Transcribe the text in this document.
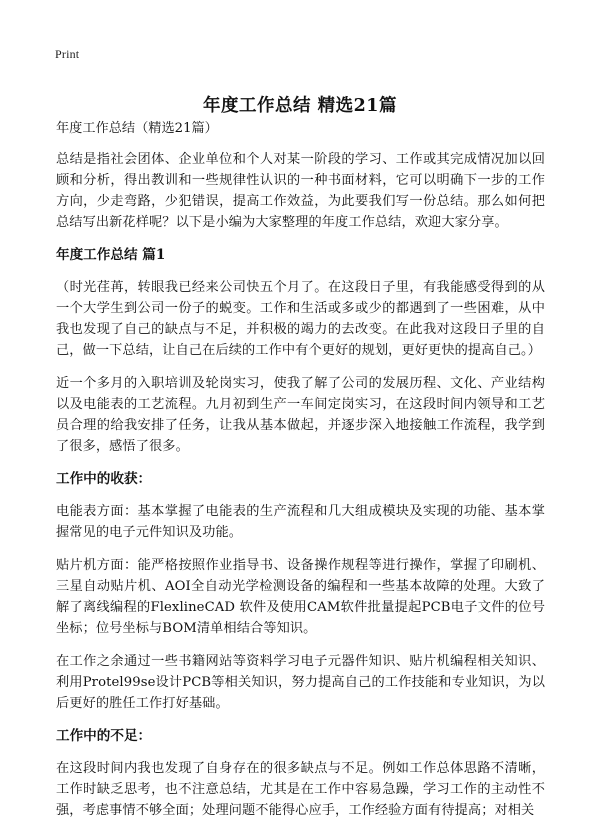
Print
年度工作总结 精选21篇

年度工作总结（精选21篇）

总结是指社会团体、企业单位和个人对某一阶段的学习、工作或其完成情况加以回顾和分析，得出教训和一些规律性认识的一种书面材料，它可以明确下一步的工作方向，少走弯路，少犯错误，提高工作效益，为此要我们写一份总结。那么如何把总结写出新花样呢？以下是小编为大家整理的年度工作总结，欢迎大家分享。

年度工作总结 篇1

（时光荏苒，转眼我已经来公司快五个月了。在这段日子里，有我能感受得到的从一个大学生到公司一份子的蜕变。工作和生活或多或少的都遇到了一些困难，从中我也发现了自己的缺点与不足，并积极的竭力的去改变。在此我对这段日子里的自己，做一下总结，让自己在后续的工作中有个更好的规划，更好更快的提高自己。）

近一个多月的入职培训及轮岗实习，使我了解了公司的发展历程、文化、产业结构以及电能表的工艺流程。九月初到生产一车间定岗实习，在这段时间内领导和工艺员合理的给我安排了任务，让我从基本做起，并逐步深入地接触工作流程，我学到了很多，感悟了很多。

工作中的收获：

电能表方面：基本掌握了电能表的生产流程和几大组成模块及实现的功能、基本掌握常见的电子元件知识及功能。

贴片机方面：能严格按照作业指导书、设备操作规程等进行操作，掌握了印刷机、三星自动贴片机、AOI全自动光学检测设备的编程和一些基本故障的处理。大致了解了离线编程的FlexlineCAD 软件及使用CAM软件批量提起PCB电子文件的位号坐标；位号坐标与BOM清单相结合等知识。

在工作之余通过一些书籍网站等资料学习电子元器件知识、贴片机编程相关知识、利用Protel99se设计PCB等相关知识，努力提高自己的工作技能和专业知识，为以后更好的胜任工作打好基础。

工作中的不足：

在这段时间内我也发现了自身存在的很多缺点与不足。例如工作总体思路不清晰，工作时缺乏思考，也不注意总结，尤其是在工作中容易急躁，学习工作的主动性不强，考虑事情不够全面；处理问题不能得心应手，工作经验方面有待提高；对相关
